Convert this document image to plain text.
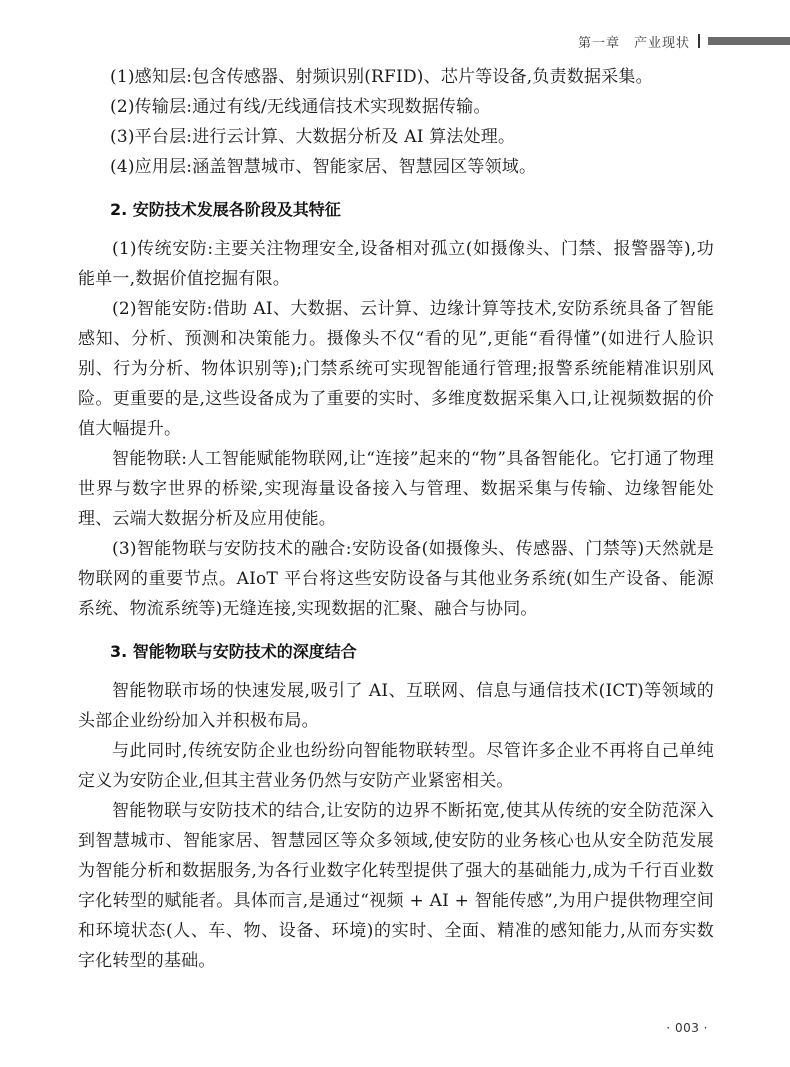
第一章 产业现状

(1)感知层:包含传感器、射频识别(RFID)、芯片等设备,负责数据采集。

(2)传输层:通过有线/无线通信技术实现数据传输。

(3)平台层:进行云计算、大数据分析及 AI 算法处理。

(4)应用层:涵盖智慧城市、智能家居、智慧园区等领域。

2. 安防技术发展各阶段及其特征

(1)传统安防:主要关注物理安全,设备相对孤立(如摄像头、门禁、报警器等),功能单一,数据价值挖掘有限。

(2)智能安防:借助 AI、大数据、云计算、边缘计算等技术,安防系统具备了智能感知、分析、预测和决策能力。摄像头不仅“看的见”,更能“看得懂”(如进行人脸识别、行为分析、物体识别等);门禁系统可实现智能通行管理;报警系统能精准识别风险。更重要的是,这些设备成为了重要的实时、多维度数据采集入口,让视频数据的价值大幅提升。

智能物联:人工智能赋能物联网,让“连接”起来的“物”具备智能化。它打通了物理世界与数字世界的桥梁,实现海量设备接入与管理、数据采集与传输、边缘智能处理、云端大数据分析及应用使能。

(3)智能物联与安防技术的融合:安防设备(如摄像头、传感器、门禁等)天然就是物联网的重要节点。AIoT 平台将这些安防设备与其他业务系统(如生产设备、能源系统、物流系统等)无缝连接,实现数据的汇聚、融合与协同。

3. 智能物联与安防技术的深度结合

智能物联市场的快速发展,吸引了 AI、互联网、信息与通信技术(ICT)等领域的头部企业纷纷加入并积极布局。

与此同时,传统安防企业也纷纷向智能物联转型。尽管许多企业不再将自己单纯定义为安防企业,但其主营业务仍然与安防产业紧密相关。

智能物联与安防技术的结合,让安防的边界不断拓宽,使其从传统的安全防范深入到智慧城市、智能家居、智慧园区等众多领域,使安防的业务核心也从安全防范发展为智能分析和数据服务,为各行业数字化转型提供了强大的基础能力,成为千行百业数字化转型的赋能者。具体而言,是通过“视频 + AI + 智能传感”,为用户提供物理空间和环境状态(人、车、物、设备、环境)的实时、全面、精准的感知能力,从而夯实数字化转型的基础。

· 003 ·
